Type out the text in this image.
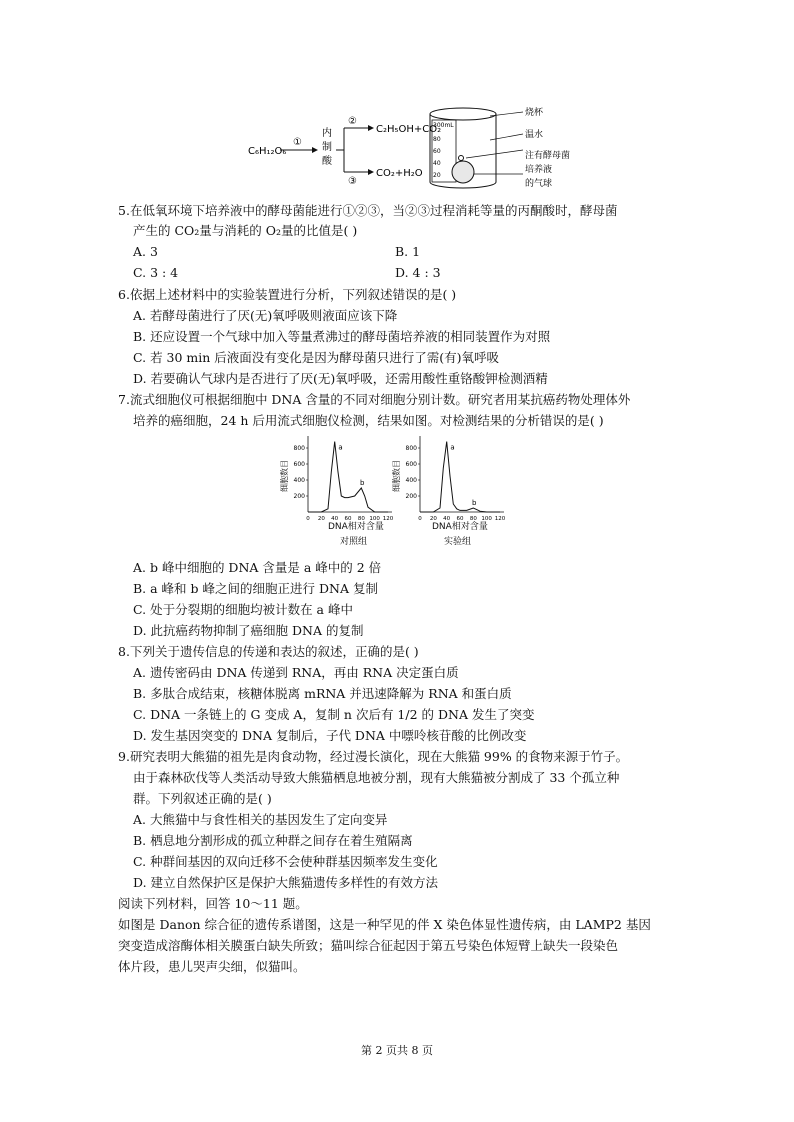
C₆H₁₂O₆
①
内
制
酸
②
③
C₂H₅OH+CO₂
CO₂+H₂O
300mL
80
60
40
20
烧杯
温水
注有酵母菌
培养液
的气球
5.在低氧环境下培养液中的酵母菌能进行①②③，当②③过程消耗等量的丙酮酸时，酵母菌
产生的 CO₂量与消耗的 O₂量的比值是( )
A. 3	B. 1
C. 3 : 4	D. 4 : 3
6.依据上述材料中的实验装置进行分析，下列叙述错误的是( )
A. 若酵母菌进行了厌(无)氧呼吸则液面应该下降
B. 还应设置一个气球中加入等量煮沸过的酵母菌培养液的相同装置作为对照
C. 若 30 min 后液面没有变化是因为酵母菌只进行了需(有)氧呼吸
D. 若要确认气球内是否进行了厌(无)氧呼吸，还需用酸性重铬酸钾检测酒精
7.流式细胞仪可根据细胞中 DNA 含量的不同对细胞分别计数。研究者用某抗癌药物处理体外
培养的癌细胞，24 h 后用流式细胞仪检测，结果如图。对检测结果的分析错误的是( )
800
600
400
200
0 20 40 60 80 100 120
细胞数目
a
b
800
600
400
200
0 20 40 60 80 100 120
细胞数目
a
b
DNA相对含量
对照组
DNA相对含量
实验组
A. b 峰中细胞的 DNA 含量是 a 峰中的 2 倍
B. a 峰和 b 峰之间的细胞正进行 DNA 复制
C. 处于分裂期的细胞均被计数在 a 峰中
D. 此抗癌药物抑制了癌细胞 DNA 的复制
8.下列关于遗传信息的传递和表达的叙述，正确的是( )
A. 遗传密码由 DNA 传递到 RNA，再由 RNA 决定蛋白质
B. 多肽合成结束，核糖体脱离 mRNA 并迅速降解为 RNA 和蛋白质
C. DNA 一条链上的 G 变成 A，复制 n 次后有 1/2 的 DNA 发生了突变
D. 发生基因突变的 DNA 复制后，子代 DNA 中嘌呤核苷酸的比例改变
9.研究表明大熊猫的祖先是肉食动物，经过漫长演化，现在大熊猫 99% 的食物来源于竹子。
由于森林砍伐等人类活动导致大熊猫栖息地被分割，现有大熊猫被分割成了 33 个孤立种
群。下列叙述正确的是( )
A. 大熊猫中与食性相关的基因发生了定向变异
B. 栖息地分割形成的孤立种群之间存在着生殖隔离
C. 种群间基因的双向迁移不会使种群基因频率发生变化
D. 建立自然保护区是保护大熊猫遗传多样性的有效方法
阅读下列材料，回答 10～11 题。
如图是 Danon 综合征的遗传系谱图，这是一种罕见的伴 X 染色体显性遗传病，由 LAMP2 基因
突变造成溶酶体相关膜蛋白缺失所致；猫叫综合征起因于第五号染色体短臂上缺失一段染色
体片段，患儿哭声尖细，似猫叫。
第 2 页共 8 页
